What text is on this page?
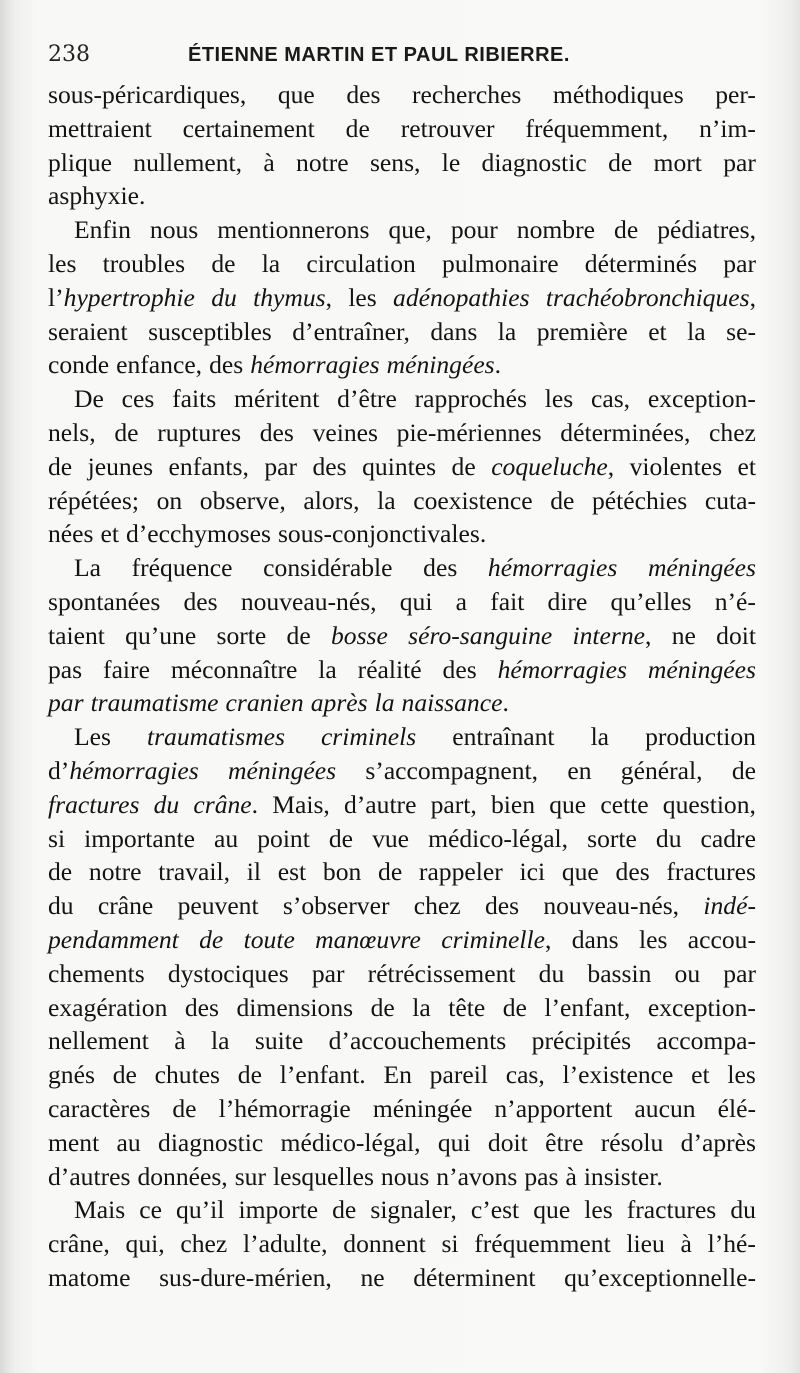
238	ÉTIENNE MARTIN ET PAUL RIBIERRE.
sous-péricardiques, que des recherches méthodiques per-
mettraient certainement de retrouver fréquemment, n’im-
plique nullement, à notre sens, le diagnostic de mort par
asphyxie.
Enfin nous mentionnerons que, pour nombre de pédiatres,
les troubles de la circulation pulmonaire déterminés par
l’hypertrophie du thymus, les adénopathies trachéobronchiques,
seraient susceptibles d’entraîner, dans la première et la se-
conde enfance, des hémorragies méningées.
De ces faits méritent d’être rapprochés les cas, exception-
nels, de ruptures des veines pie-mériennes déterminées, chez
de jeunes enfants, par des quintes de coqueluche, violentes et
répétées; on observe, alors, la coexistence de pétéchies cuta-
nées et d’ecchymoses sous-conjonctivales.
La fréquence considérable des hémorragies méningées
spontanées des nouveau-nés, qui a fait dire qu’elles n’é-
taient qu’une sorte de bosse séro-sanguine interne, ne doit
pas faire méconnaître la réalité des hémorragies méningées
par traumatisme cranien après la naissance.
Les traumatismes criminels entraînant la production
d’hémorragies méningées s’accompagnent, en général, de
fractures du crâne. Mais, d’autre part, bien que cette question,
si importante au point de vue médico-légal, sorte du cadre
de notre travail, il est bon de rappeler ici que des fractures
du crâne peuvent s’observer chez des nouveau-nés, indé-
pendamment de toute manœuvre criminelle, dans les accou-
chements dystociques par rétrécissement du bassin ou par
exagération des dimensions de la tête de l’enfant, exception-
nellement à la suite d’accouchements précipités accompa-
gnés de chutes de l’enfant. En pareil cas, l’existence et les
caractères de l’hémorragie méningée n’apportent aucun élé-
ment au diagnostic médico-légal, qui doit être résolu d’après
d’autres données, sur lesquelles nous n’avons pas à insister.
Mais ce qu’il importe de signaler, c’est que les fractures du
crâne, qui, chez l’adulte, donnent si fréquemment lieu à l’hé-
matome sus-dure-mérien, ne déterminent qu’exceptionnelle-
